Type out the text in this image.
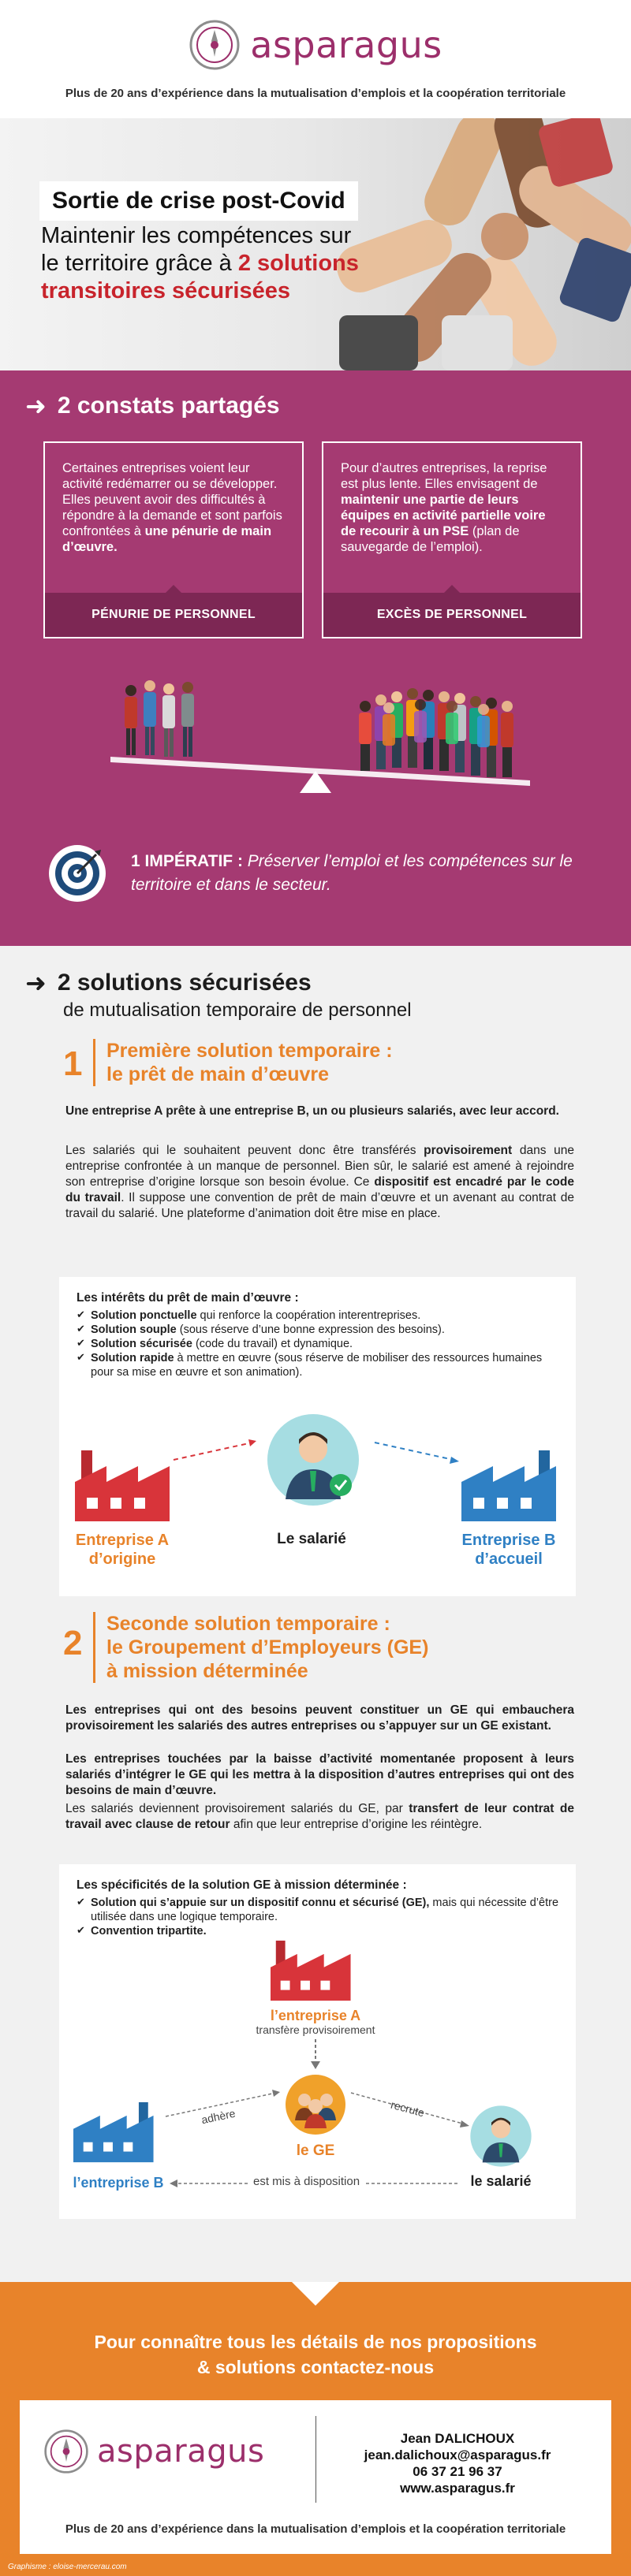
asparagus
Plus de 20 ans d’expérience dans la mutualisation d’emplois et la coopération territoriale
Sortie de crise post-Covid
Maintenir les compétences sur
le territoire grâce à 2 solutions
transitoires sécurisées
➜ 2 constats partagés

Certaines entreprises voient leur activité redémarrer ou se développer. Elles peuvent avoir des difficultés à répondre à la demande et sont parfois confrontées à une pénurie de main d’œuvre.

PÉNURIE DE PERSONNEL

Pour d’autres entreprises, la reprise est plus lente. Elles envisagent de maintenir une partie de leurs équipes en activité partielle voire de recourir à un PSE (plan de sauvegarde de l’emploi).

EXCÈS DE PERSONNEL
1 IMPÉRATIF : Préserver l’emploi et les compétences sur le territoire et dans le secteur.
➜ 2 solutions sécurisées
de mutualisation temporaire de personnel
1	Première solution temporaire :
le prêt de main d’œuvre
Une entreprise A prête à une entreprise B, un ou plusieurs salariés, avec leur accord.
Les salariés qui le souhaitent peuvent donc être transférés provisoirement dans une entreprise confrontée à un manque de personnel. Bien sûr, le salarié est amené à rejoindre son entreprise d’origine lorsque son besoin évolue. Ce dispositif est encadré par le code du travail. Il suppose une convention de prêt de main d’œuvre et un avenant au contrat de travail du salarié. Une plateforme d’animation doit être mise en place.
Les intérêts du prêt de main d’œuvre :
✔ Solution ponctuelle qui renforce la coopération interentreprises.
✔ Solution souple (sous réserve d’une bonne expression des besoins).
✔ Solution sécurisée (code du travail) et dynamique.
✔ Solution rapide à mettre en œuvre (sous réserve de mobiliser des ressources humaines pour sa mise en œuvre et son animation).
Entreprise A
d’origine
Le salarié	Entreprise B
d’accueil
2	Seconde solution temporaire :
le Groupement d’Employeurs (GE)
à mission déterminée
Les entreprises qui ont des besoins peuvent constituer un GE qui embauchera provisoirement les salariés des autres entreprises ou s’appuyer sur un GE existant.
Les entreprises touchées par la baisse d’activité momentanée proposent à leurs salariés d’intégrer le GE qui les mettra à la disposition d’autres entreprises qui ont des besoins de main d’œuvre.
Les salariés deviennent provisoirement salariés du GE, par transfert de leur contrat de travail avec clause de retour afin que leur entreprise d’origine les réintègre.
Les spécificités de la solution GE à mission déterminée :
✔ Solution qui s’appuie sur un dispositif connu et sécurisé (GE), mais qui nécessite d’être utilisée dans une logique temporaire.
✔ Convention tripartite.
l’entreprise A
transfère provisoirement
le GE
l’entreprise B	le salarié
adhère	recrute
est mis à disposition
Pour connaître tous les détails de nos propositions
& solutions contactez-nous
asparagus	Jean DALICHOUX
jean.dalichoux@asparagus.fr
06 37 21 96 37
www.asparagus.fr
Plus de 20 ans d’expérience dans la mutualisation d’emplois et la coopération territoriale
Graphisme : eloise-mercerau.com
